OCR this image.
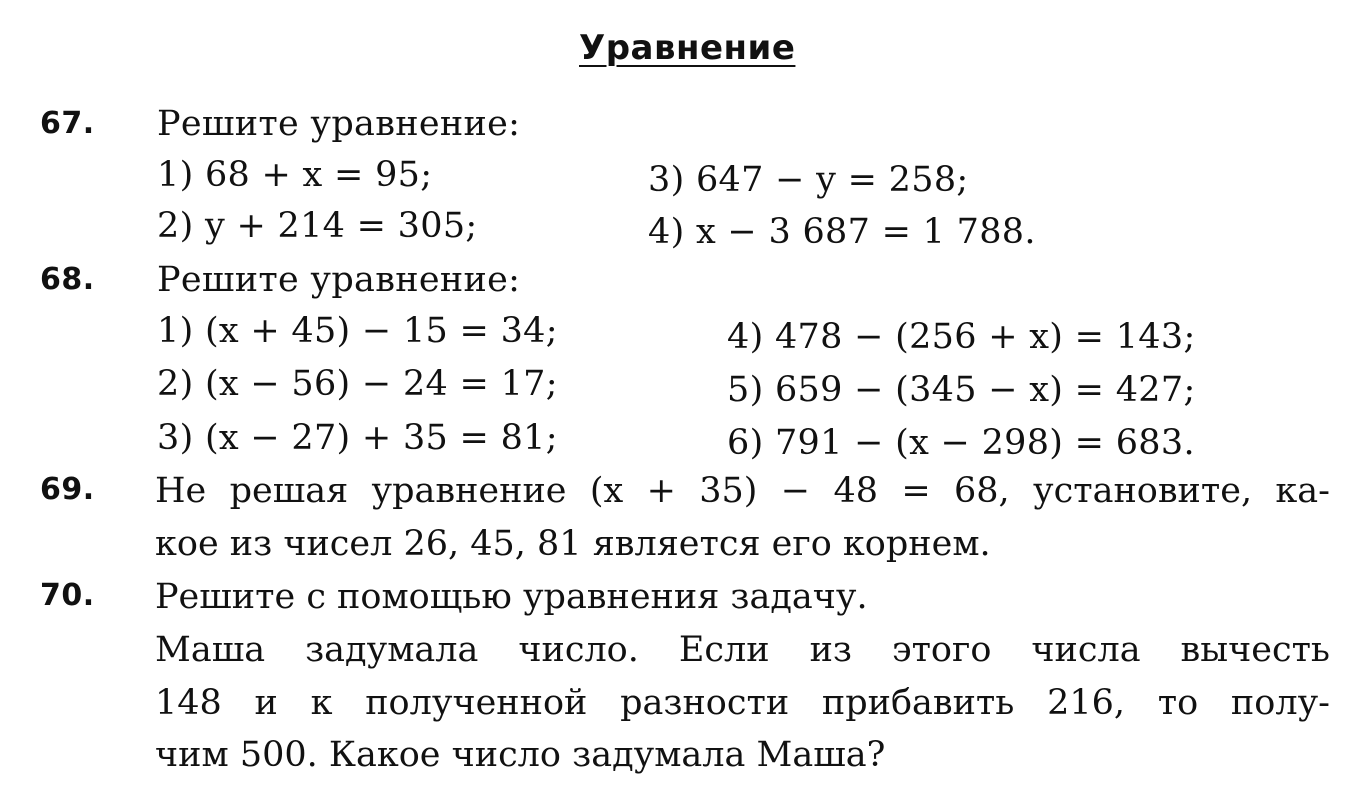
Уравнение
67. Решите уравнение:
1) 68 + x = 95;	3) 647 − y = 258;
2) y + 214 = 305;	4) x − 3 687 = 1 788.
68. Решите уравнение:
1) (x + 45) − 15 = 34;	4) 478 − (256 + x) = 143;
2) (x − 56) − 24 = 17;	5) 659 − (345 − x) = 427;
3) (x − 27) + 35 = 81;	6) 791 − (x − 298) = 683.
69. Не решая уравнение (x + 35) − 48 = 68, установите, ка-
кое из чисел 26, 45, 81 является его корнем.
70. Решите с помощью уравнения задачу.
Маша задумала число. Если из этого числа вычесть
148 и к полученной разности прибавить 216, то полу-
чим 500. Какое число задумала Маша?
